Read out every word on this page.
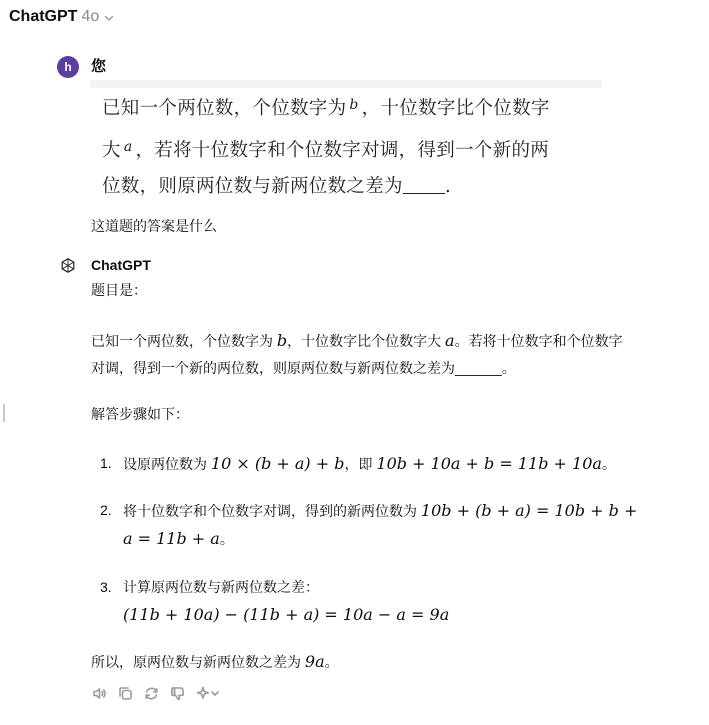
ChatGPT 4o
h	您
已知一个两位数，个位数字为 $^b$ ，十位数字比个位数字
大 $^a$ ，若将十位数字和个位数字对调，得到一个新的两
位数，则原两位数与新两位数之差为 .
这道题的答案是什么
ChatGPT
题目是：
已知一个两位数，个位数字为 b，十位数字比个位数字大 a。若将十位数字和个位数字
对调，得到一个新的两位数，则原两位数与新两位数之差为______。
解答步骤如下：
1. 设原两位数为 10 × (b + a) + b，即 10b + 10a + b = 11b + 10a。
2. 将十位数字和个位数字对调，得到的新两位数为 10b + (b + a) = 10b + b +
a = 11b + a。
3. 计算原两位数与新两位数之差：
(11b + 10a) − (11b + a) = 10a − a = 9a
所以，原两位数与新两位数之差为 9a。
